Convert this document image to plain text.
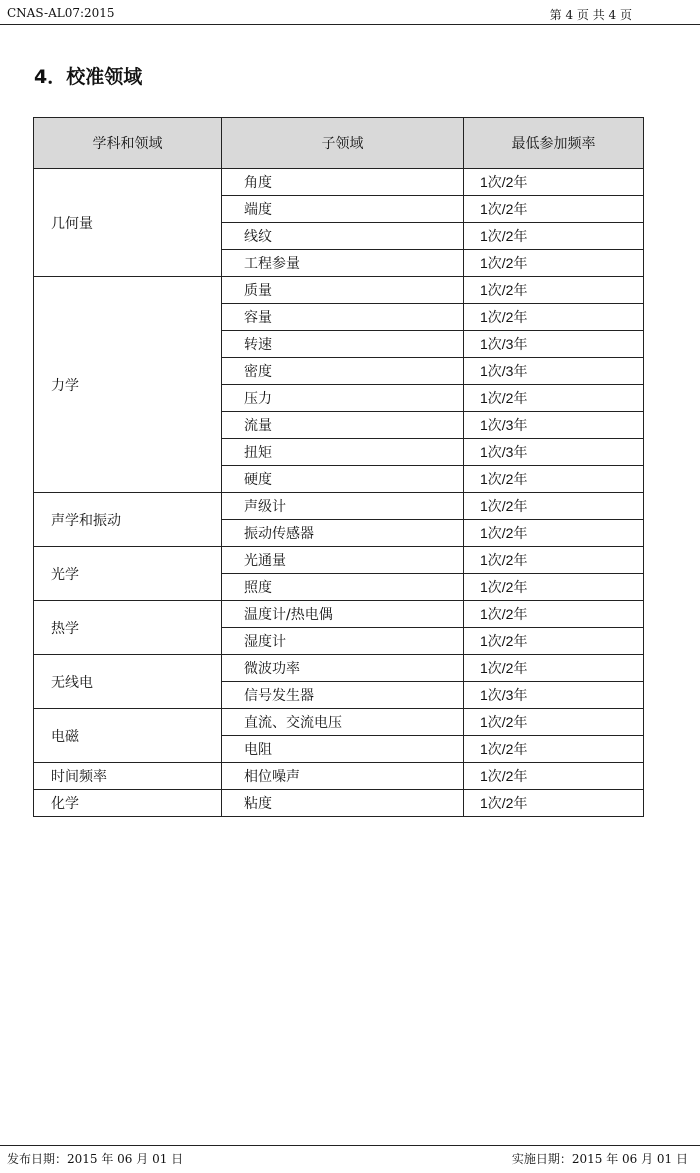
CNAS-AL07:2015	第 4 页 共 4 页
4．校准领域
学科和领域	子领域	最低参加频率
几何量	角度	1次/2年
	端度	1次/2年
	线纹	1次/2年
	工程参量	1次/2年
力学	质量	1次/2年
	容量	1次/2年
	转速	1次/3年
	密度	1次/3年
	压力	1次/2年
	流量	1次/3年
	扭矩	1次/3年
	硬度	1次/2年
声学和振动	声级计	1次/2年
	振动传感器	1次/2年
光学	光通量	1次/2年
	照度	1次/2年
热学	温度计/热电偶	1次/2年
	湿度计	1次/2年
无线电	微波功率	1次/2年
	信号发生器	1次/3年
电磁	直流、交流电压	1次/2年
	电阻	1次/2年
时间频率	相位噪声	1次/2年
化学	粘度	1次/2年
发布日期：2015 年 06 月 01 日	实施日期：2015 年 06 月 01 日
